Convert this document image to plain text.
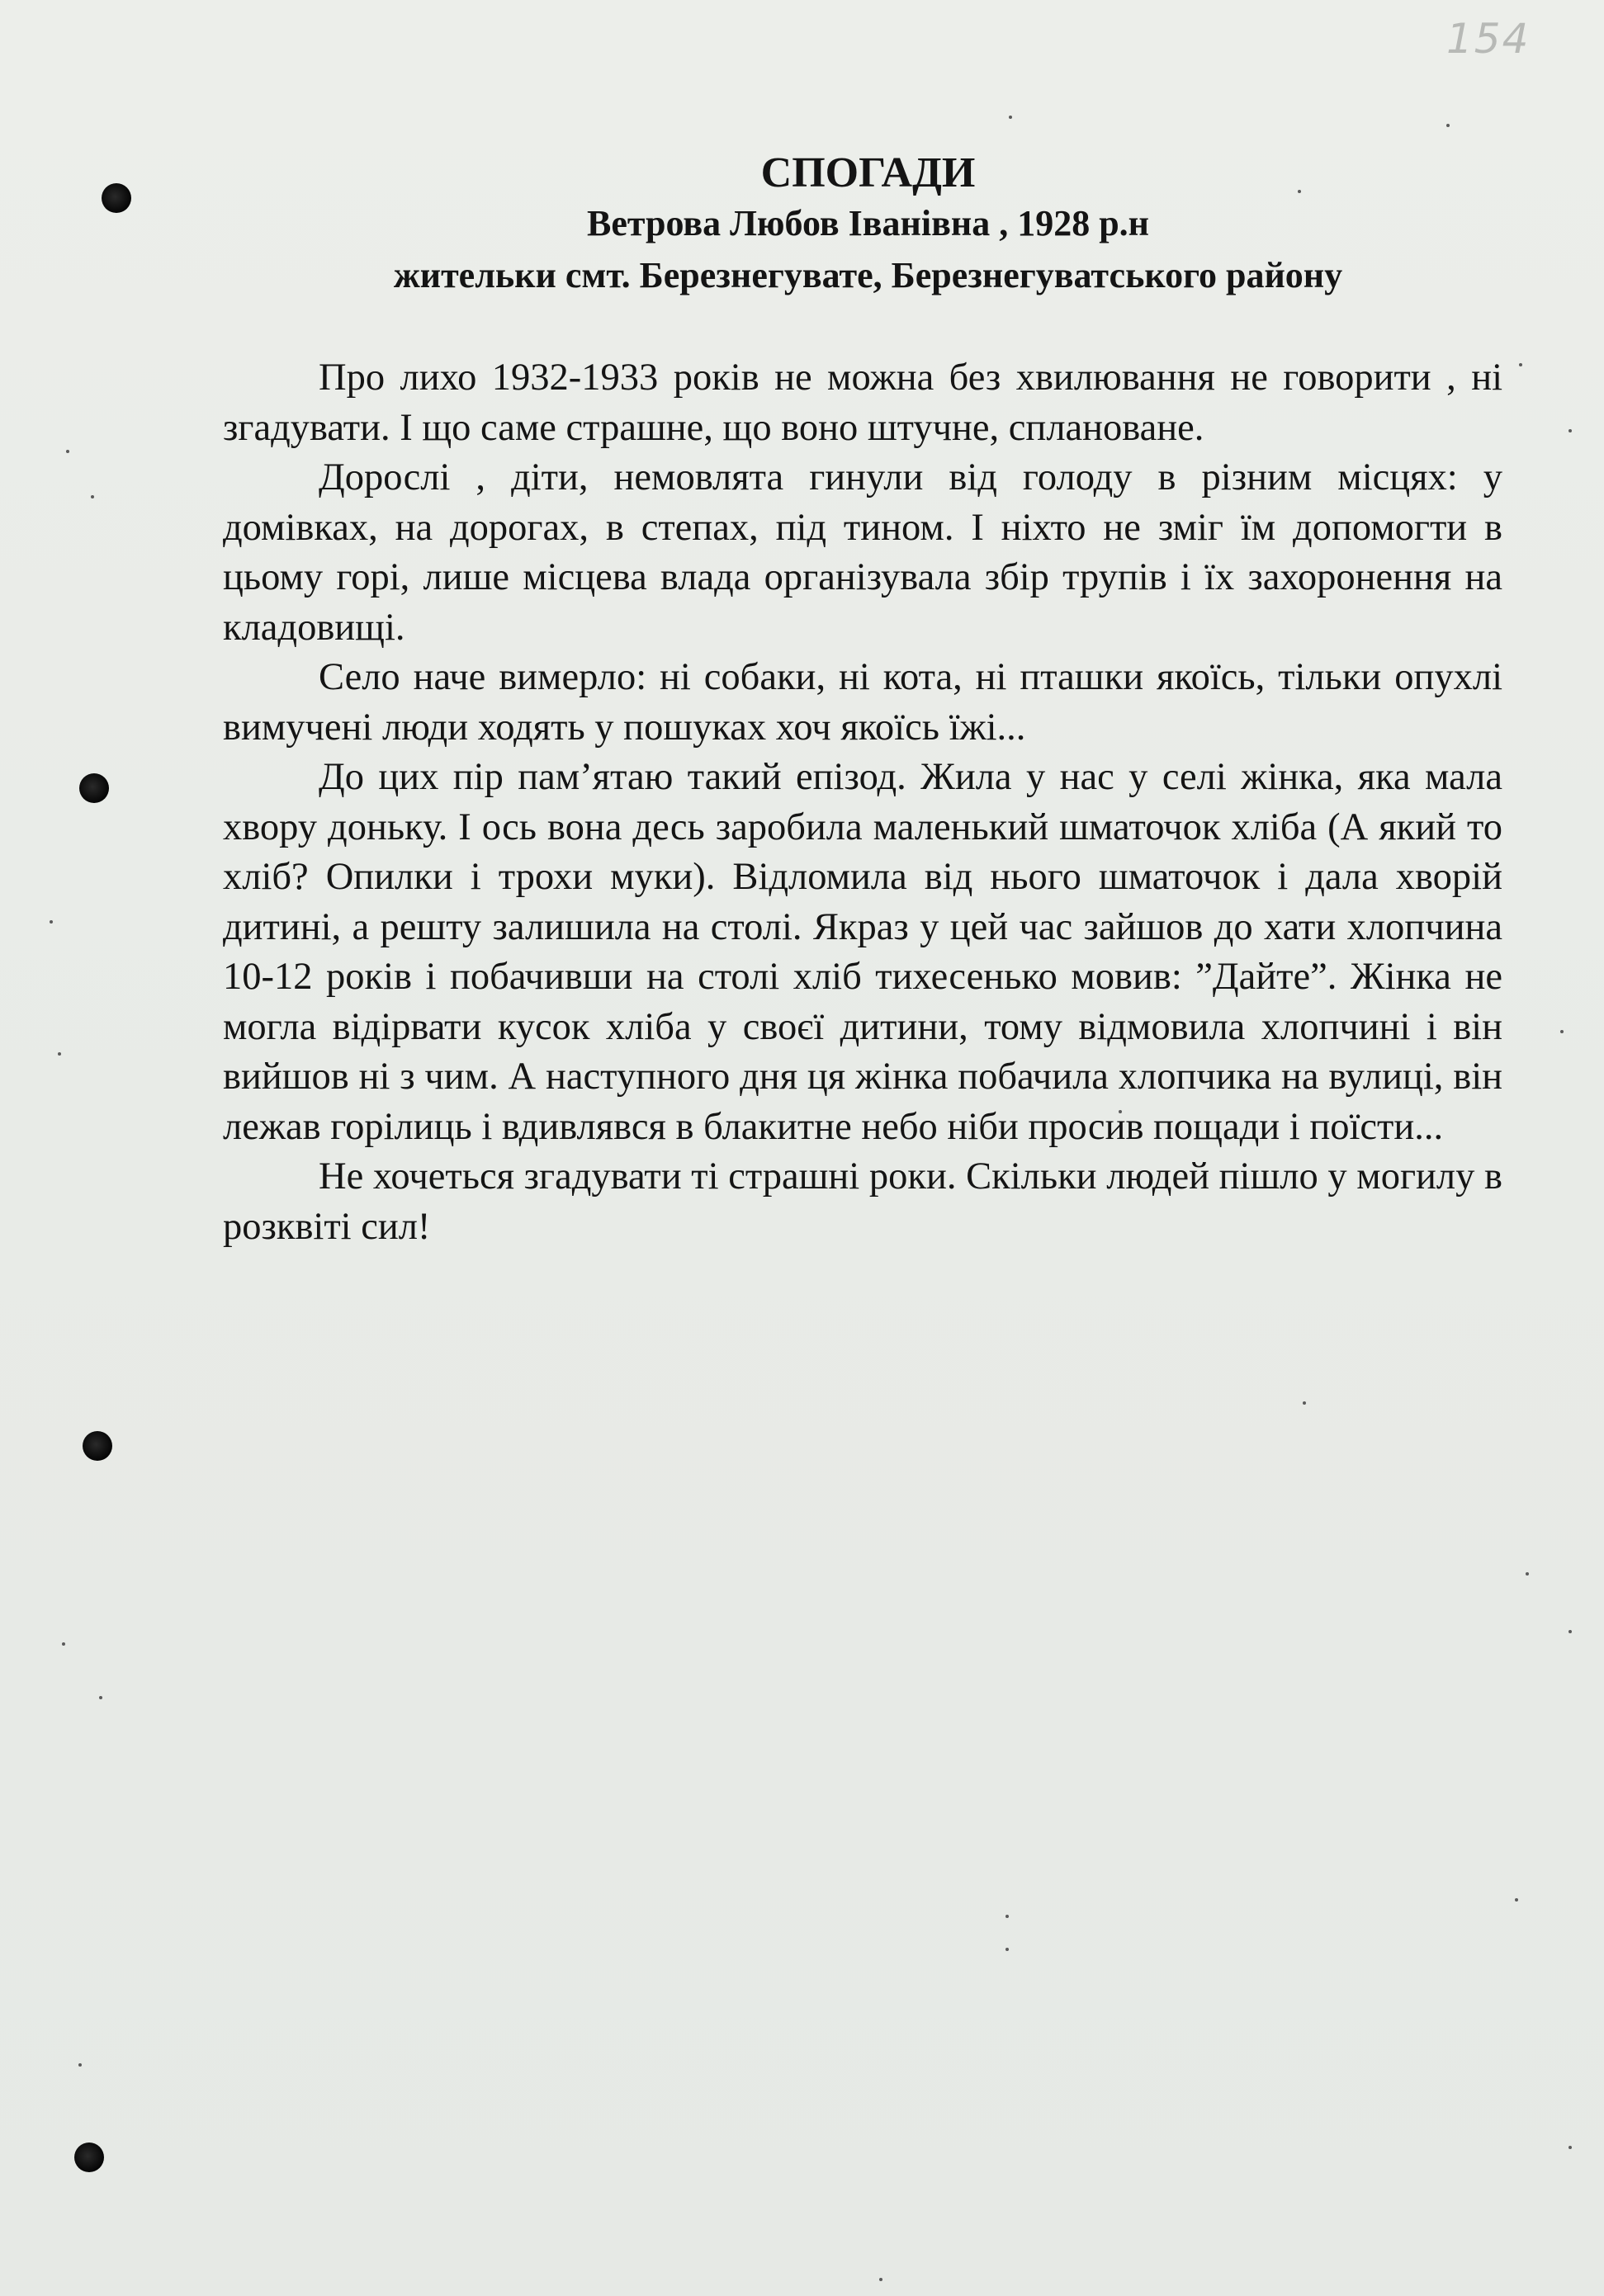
154
СПОГАДИ
Ветрова Любов Іванівна , 1928 р.н
жительки смт. Березнегувате, Березнегуватського району

Про лихо 1932-1933 років не можна без хвилювання не говорити , ні згадувати. І що саме страшне, що воно штучне, сплановане.

Дорослі , діти, немовлята гинули від голоду в різним місцях: у домівках, на дорогах, в степах, під тином. І ніхто не зміг їм допомогти в цьому горі, лише місцева влада організувала збір трупів і їх захоронення на кладовищі.

Село наче вимерло: ні собаки, ні кота, ні пташки якоїсь, тільки опухлі вимучені люди ходять у пошуках хоч якоїсь їжі...

До цих пір пам’ятаю такий епізод. Жила у нас у селі жінка, яка мала хвору доньку. І ось вона десь заробила маленький шматочок хліба (А який то хліб? Опилки і трохи муки). Відломила від нього шматочок і дала хворій дитині, а решту залишила на столі. Якраз у цей час зайшов до хати хлопчина 10-12 років і побачивши на столі хліб тихесенько мовив: ”Дайте”. Жінка не могла відірвати кусок хліба у своєї дитини, тому відмовила хлопчині і він вийшов ні з чим. А наступного дня ця жінка побачила хлопчика на вулиці, він лежав горілиць і вдивлявся в блакитне небо ніби просив пощади і поїсти...

Не хочеться згадувати ті страшні роки. Скільки людей пішло у могилу в розквіті сил!
